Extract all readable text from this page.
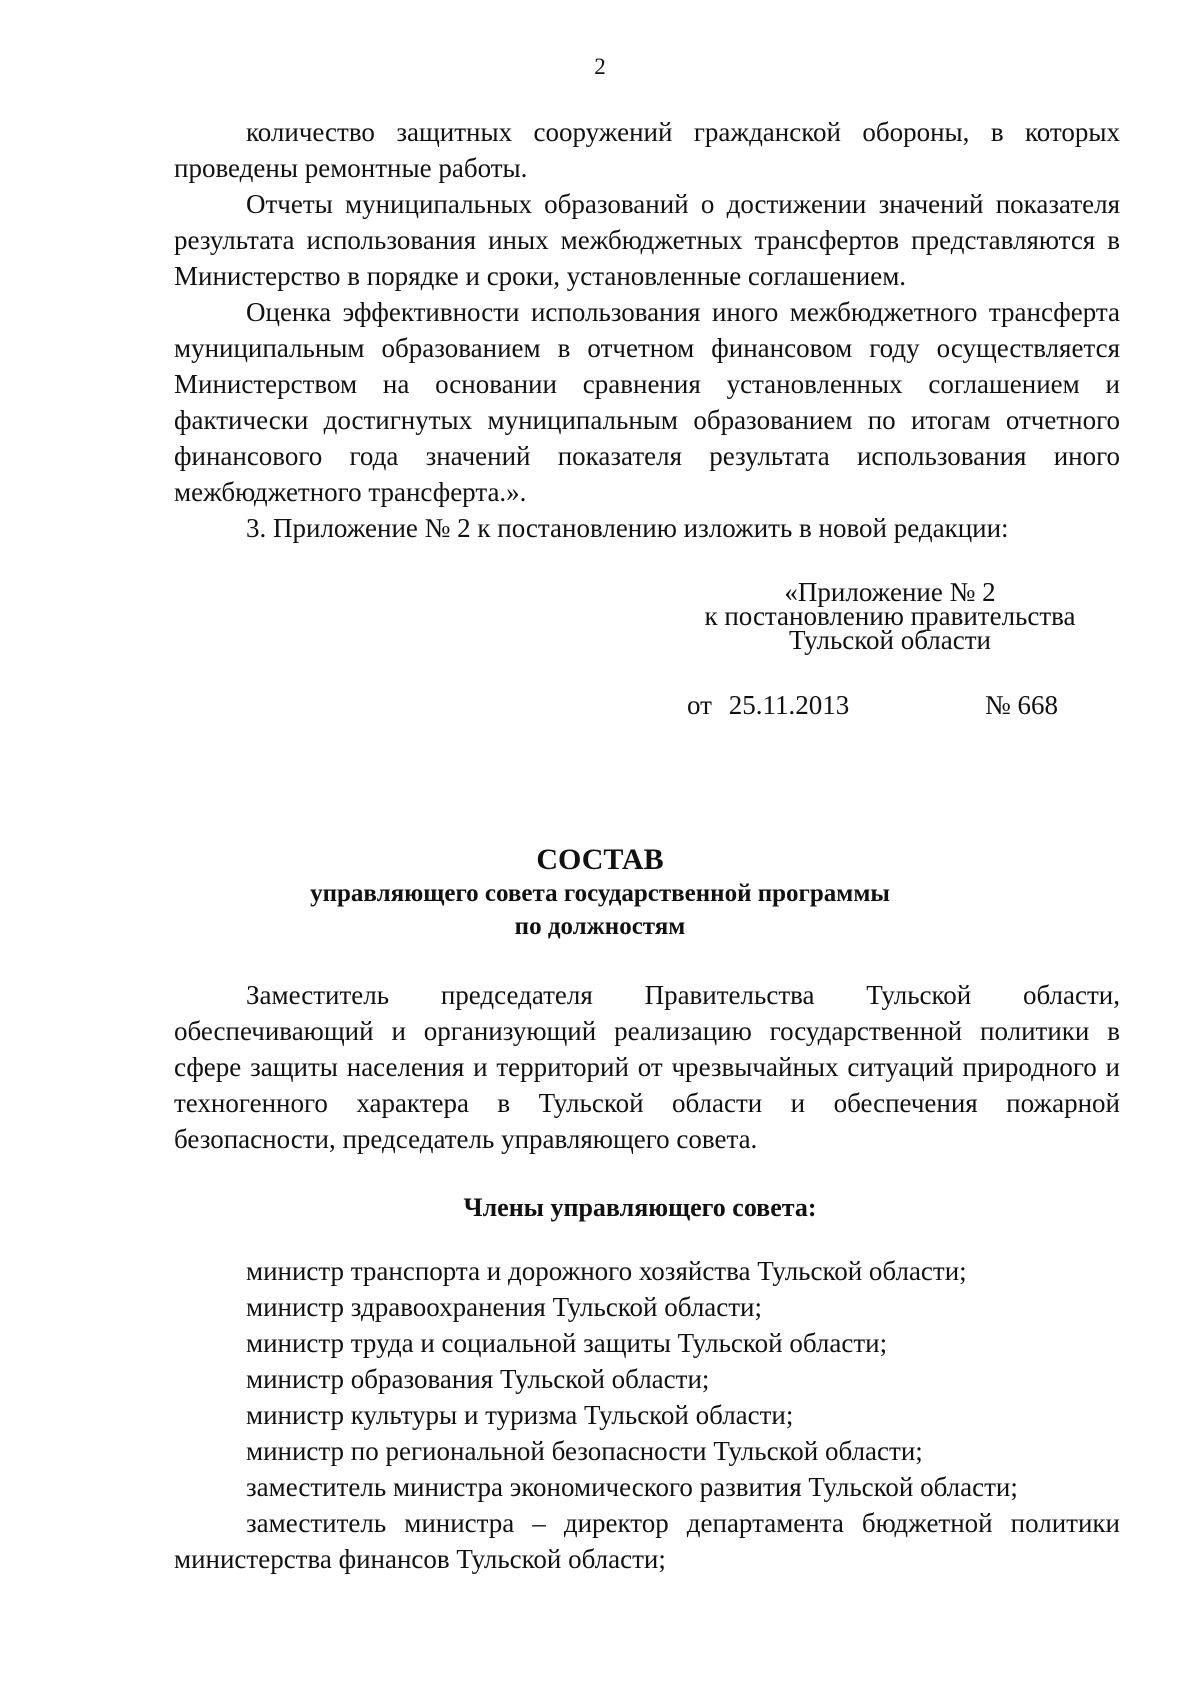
2

количество защитных сооружений гражданской обороны, в которых проведены ремонтные работы.

Отчеты муниципальных образований о достижении значений показателя результата использования иных межбюджетных трансфертов представляются в Министерство в порядке и сроки, установленные соглашением.

Оценка эффективности использования иного межбюджетного трансферта муниципальным образованием в отчетном финансовом году осуществляется Министерством на основании сравнения установленных соглашением и фактически достигнутых муниципальным образованием по итогам отчетного финансового года значений показателя результата использования иного межбюджетного трансферта.».

3. Приложение № 2 к постановлению изложить в новой редакции:

«Приложение № 2
к постановлению правительства
Тульской области
от 25.11.2013	№ 668
СОСТАВ
управляющего совета государственной программы
по должностям

Заместитель председателя Правительства Тульской области, обеспечивающий и организующий реализацию государственной политики в сфере защиты населения и территорий от чрезвычайных ситуаций природного и техногенного характера в Тульской области и обеспечения пожарной безопасности, председатель управляющего совета.

Члены управляющего совета:

министр транспорта и дорожного хозяйства Тульской области;

министр здравоохранения Тульской области;

министр труда и социальной защиты Тульской области;

министр образования Тульской области;

министр культуры и туризма Тульской области;

министр по региональной безопасности Тульской области;

заместитель министра экономического развития Тульской области;

заместитель министра – директор департамента бюджетной политики министерства финансов Тульской области;
